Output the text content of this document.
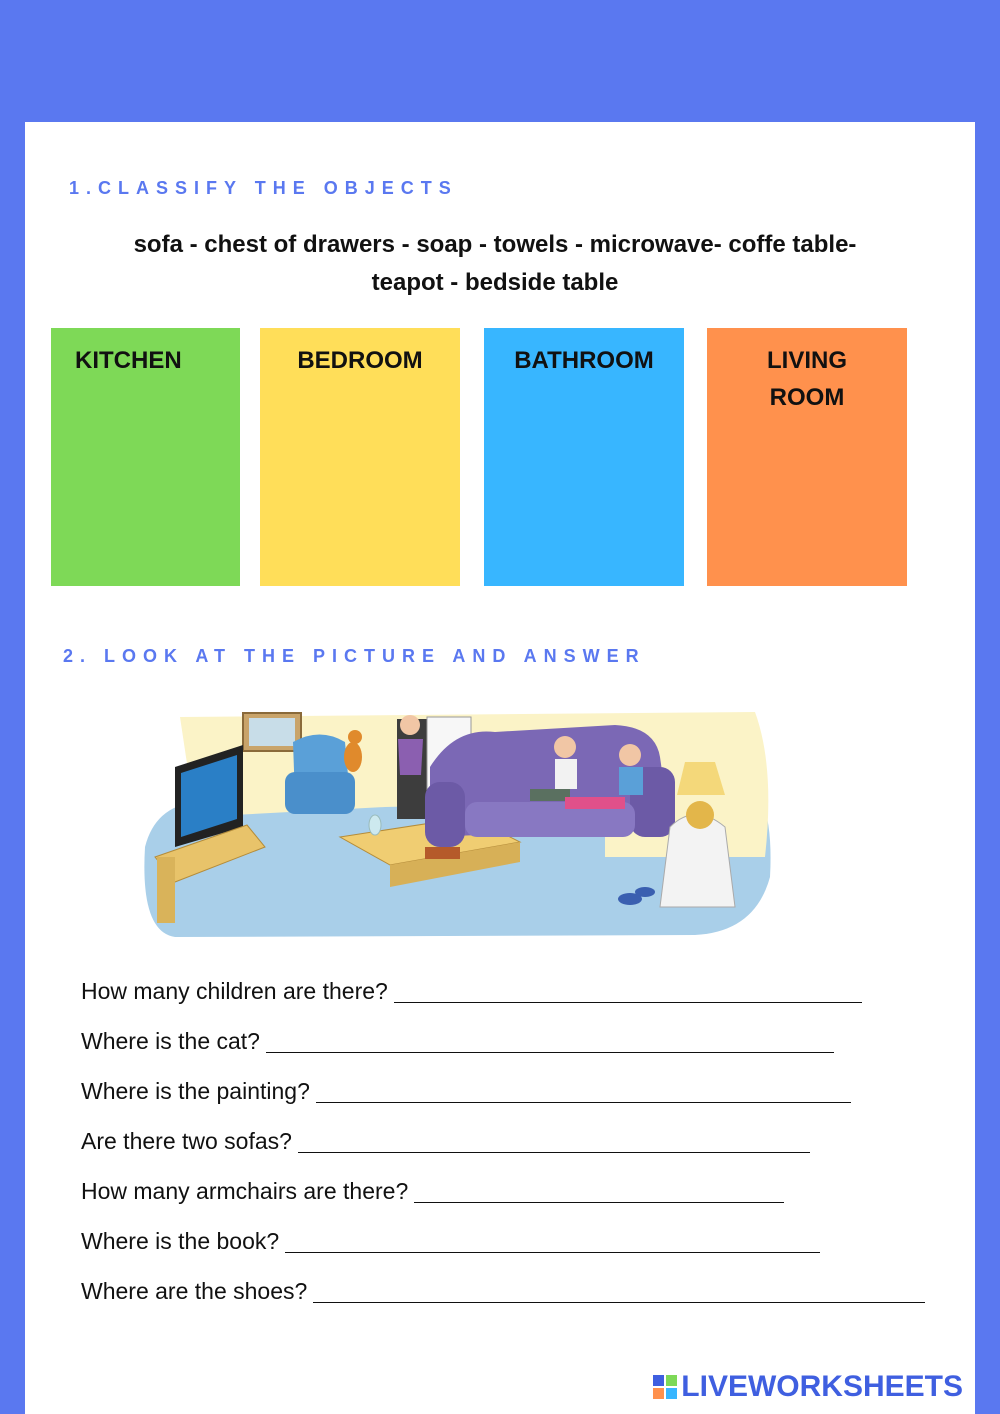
1.CLASSIFY THE OBJECTS
sofa - chest of drawers - soap - towels - microwave- coffe table-
teapot - bedside table
KITCHEN	BEDROOM	BATHROOM	LIVING
ROOM
2. LOOK AT THE PICTURE AND ANSWER
How many children are there?
Where is the cat?
Where is the painting?
Are there two sofas?
How many armchairs are there?
Where is the book?
Where are the shoes?
LIVEWORKSHEETS
